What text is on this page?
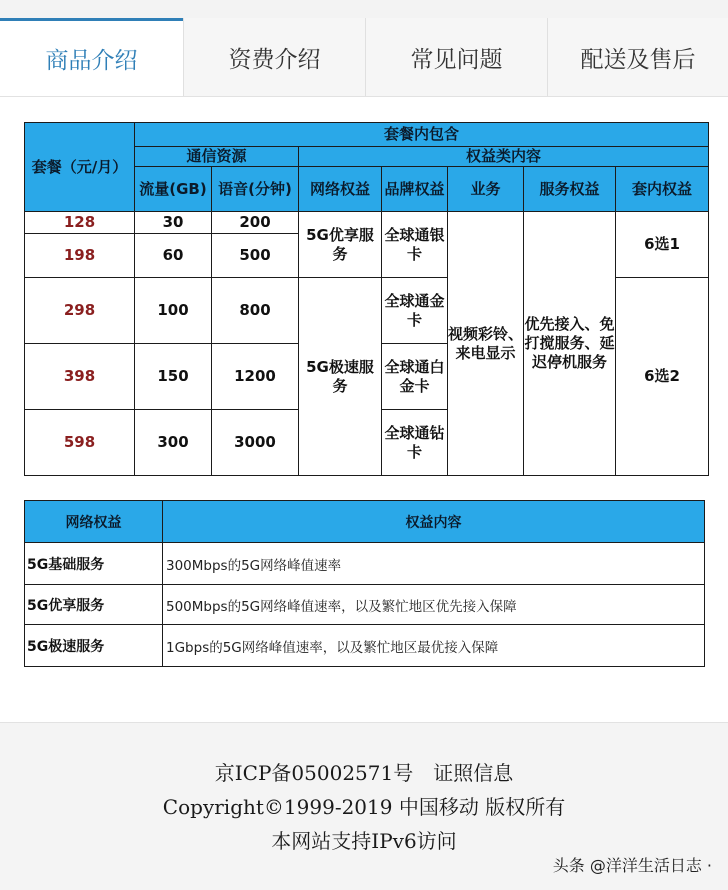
商品介绍	资费介绍	常见问题	配送及售后
套餐（元/月）	套餐内包含						
	通信资源		权益类内容				
	流量(GB)	语音(分钟)	网络权益	品牌权益	业务	服务权益	套内权益
128	30	200	5G优享服务	全球通银卡	视频彩铃、来电显示	优先接入、免打搅服务、延迟停机服务	6选1
198	60	500					
298	100	800	5G极速服务	全球通金卡			6选2
398	150	1200		全球通白金卡			
598	300	3000		全球通钻卡			
网络权益	权益内容
5G基础服务	300Mbps的5G网络峰值速率
5G优享服务	500Mbps的5G网络峰值速率，以及繁忙地区优先接入保障
5G极速服务	1Gbps的5G网络峰值速率，以及繁忙地区最优接入保障
京ICP备05002571号　证照信息
Copyright©1999-2019 中国移动 版权所有
本网站支持IPv6访问
头条 @洋洋生活日志 ·
